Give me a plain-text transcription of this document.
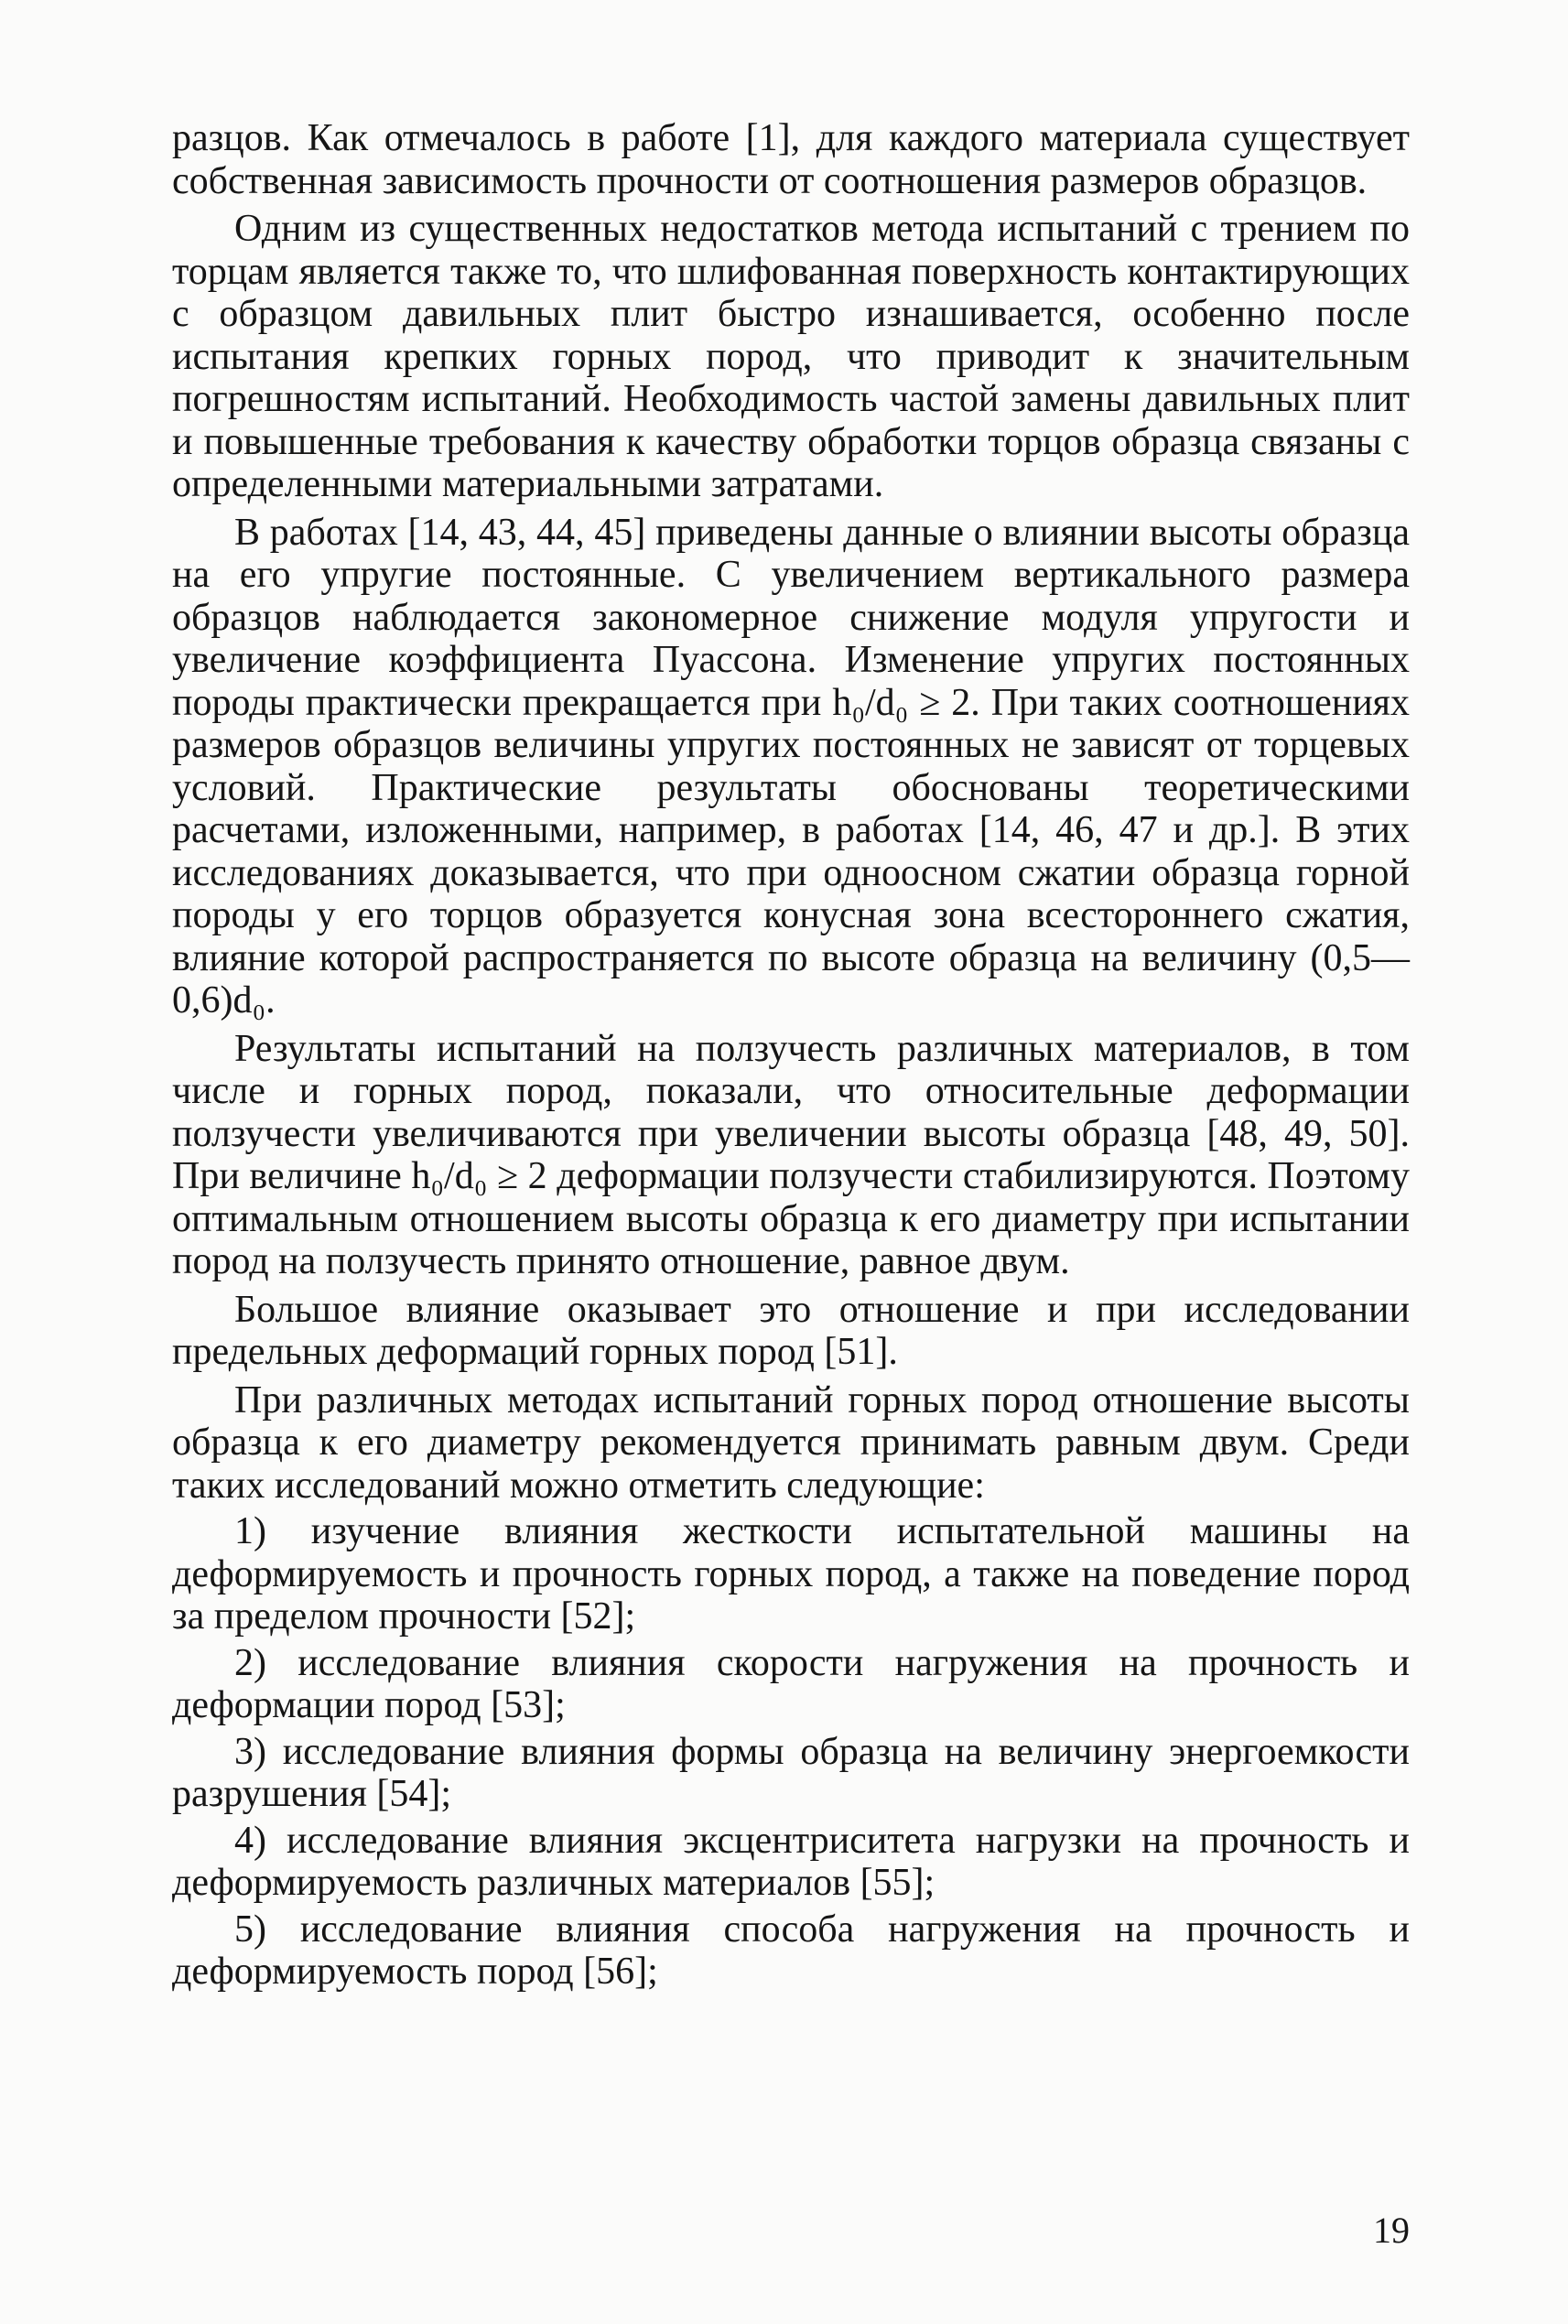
разцов. Как отмечалось в работе [1], для каждого материала существует собственная зависимость прочности от соотношения размеров образцов.

Одним из существенных недостатков метода испытаний с трением по торцам является также то, что шлифованная поверхность контактирующих с образцом давильных плит быстро изнашивается, особенно после испытания крепких горных пород, что приводит к значительным погрешностям испытаний. Необходимость частой замены давильных плит и повышенные требования к качеству обработки торцов образца связаны с определенными материальными затратами.

В работах [14, 43, 44, 45] приведены данные о влиянии высоты образца на его упругие постоянные. С увеличением вертикального размера образцов наблюдается закономерное снижение модуля упругости и увеличение коэффициента Пуассона. Изменение упругих постоянных породы практически прекращается при h₀/d₀ ≥ 2. При таких соотношениях размеров образцов величины упругих постоянных не зависят от торцевых условий. Практические результаты обоснованы теоретическими расчетами, изложенными, например, в работах [14, 46, 47 и др.]. В этих исследованиях доказывается, что при одноосном сжатии образца горной породы у его торцов образуется конусная зона всестороннего сжатия, влияние которой распространяется по высоте образца на величину (0,5—0,6)d₀.

Результаты испытаний на ползучесть различных материалов, в том числе и горных пород, показали, что относительные деформации ползучести увеличиваются при увеличении высоты образца [48, 49, 50]. При величине h₀/d₀ ≥ 2 деформации ползучести стабилизируются. Поэтому оптимальным отношением высоты образца к его диаметру при испытании пород на ползучесть принято отношение, равное двум.

Большое влияние оказывает это отношение и при исследовании предельных деформаций горных пород [51].

При различных методах испытаний горных пород отношение высоты образца к его диаметру рекомендуется принимать равным двум. Среди таких исследований можно отметить следующие:

1) изучение влияния жесткости испытательной машины на деформируемость и прочность горных пород, а также на поведение пород за пределом прочности [52];

2) исследование влияния скорости нагружения на прочность и деформации пород [53];

3) исследование влияния формы образца на величину энергоемкости разрушения [54];

4) исследование влияния эксцентриситета нагрузки на прочность и деформируемость различных материалов [55];

5) исследование влияния способа нагружения на прочность и деформируемость пород [56];

19
